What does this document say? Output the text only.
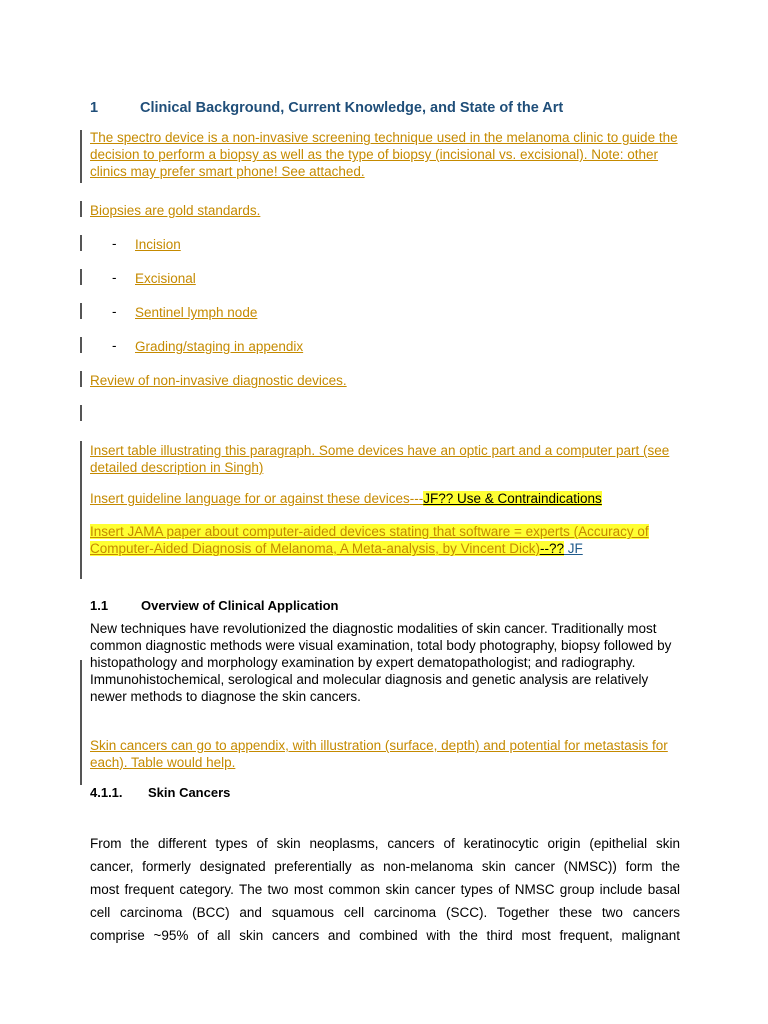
1	Clinical Background, Current Knowledge, and State of the Art

The spectro device is a non-invasive screening technique used in the melanoma clinic to guide the decision to perform a biopsy as well as the type of biopsy (incisional vs. excisional). Note: other clinics may prefer smart phone! See attached.

Biopsies are gold standards.

- Incision

- Excisional

- Sentinel lymph node

- Grading/staging in appendix

Review of non-invasive diagnostic devices.

Insert table illustrating this paragraph. Some devices have an optic part and a computer part (see detailed description in Singh)

Insert guideline language for or against these devices---JF?? Use & Contraindications

Insert JAMA paper about computer-aided devices stating that software = experts (Accuracy of Computer-Aided Diagnosis of Melanoma, A Meta-analysis, by Vincent Dick)--?? JF

1.1	Overview of Clinical Application

New techniques have revolutionized the diagnostic modalities of skin cancer. Traditionally most common diagnostic methods were visual examination, total body photography, biopsy followed by histopathology and morphology examination by expert dematopathologist; and radiography. Immunohistochemical, serological and molecular diagnosis and genetic analysis are relatively newer methods to diagnose the skin cancers.

Skin cancers can go to appendix, with illustration (surface, depth) and potential for metastasis for each). Table would help.

4.1.1. Skin Cancers
From the different types of skin neoplasms, cancers of keratinocytic origin (epithelial skin
cancer, formerly designated preferentially as non-melanoma skin cancer (NMSC)) form the
most frequent category. The two most common skin cancer types of NMSC group include basal
cell carcinoma (BCC) and squamous cell carcinoma (SCC). Together these two cancers
comprise ~95% of all skin cancers and combined with the third most frequent, malignant
